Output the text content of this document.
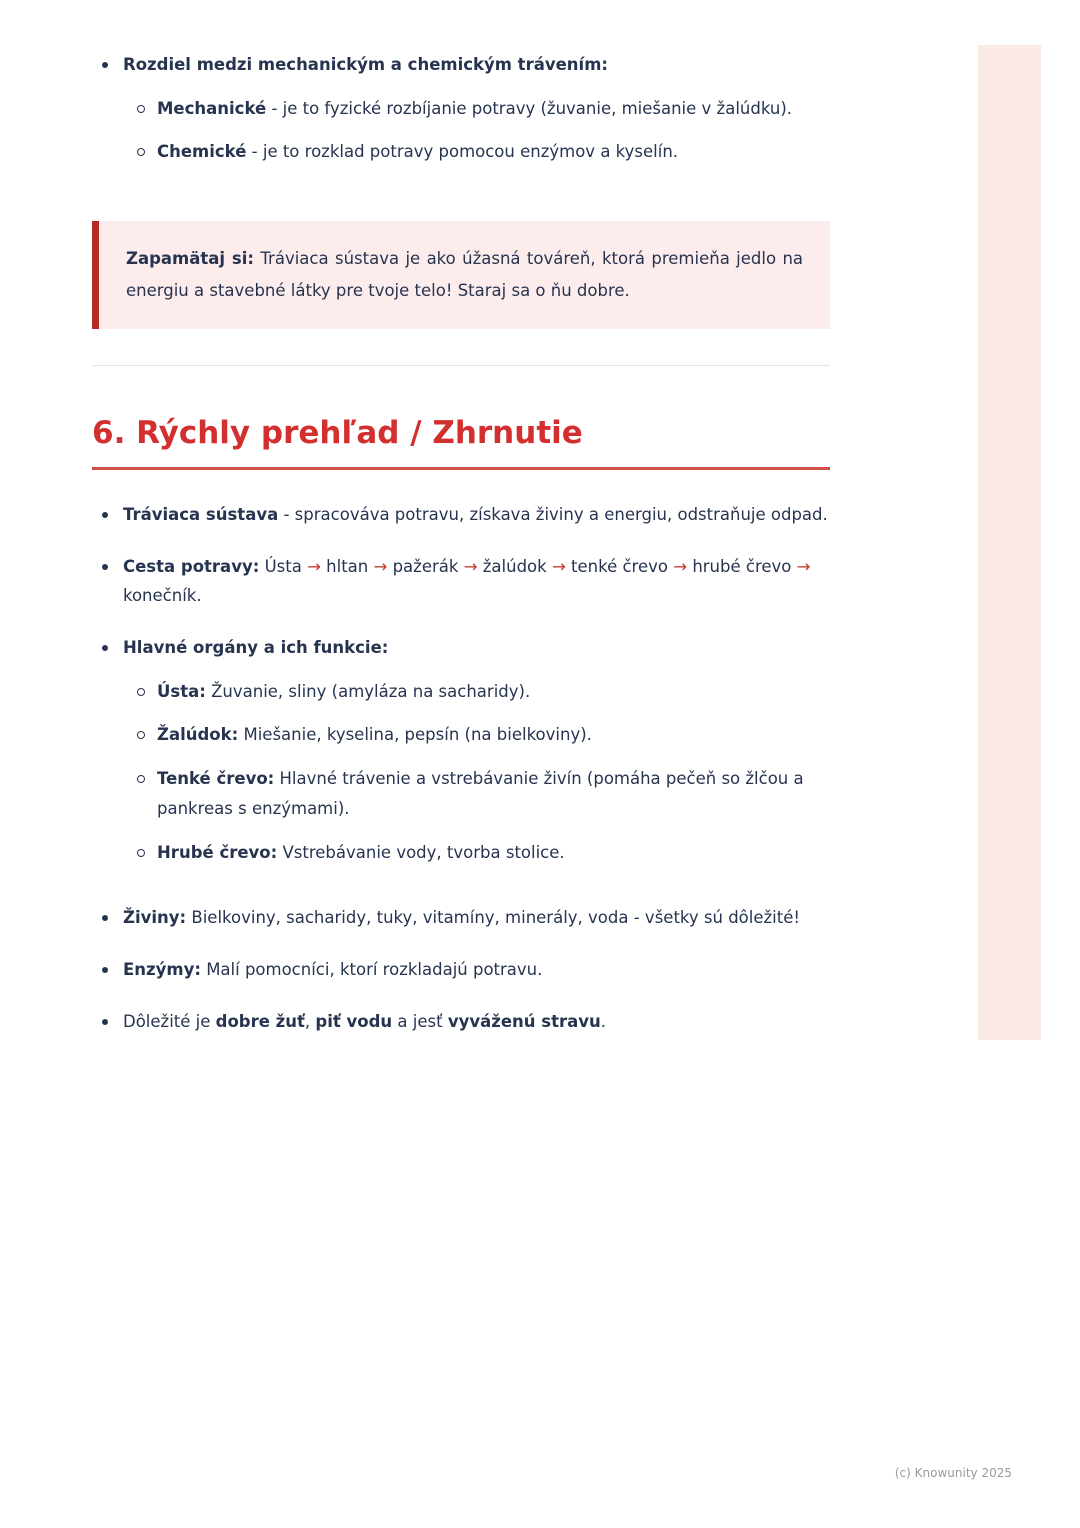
Rozdiel medzi mechanickým a chemickým trávením:
Mechanické - je to fyzické rozbíjanie potravy (žuvanie, miešanie v žalúdku).
Chemické - je to rozklad potravy pomocou enzýmov a kyselín.

Zapamätaj si: Tráviaca sústava je ako úžasná továreň, ktorá premieňa jedlo na energiu a stavebné látky pre tvoje telo! Staraj sa o ňu dobre.

6. Rýchly prehľad / Zhrnutie
Tráviaca sústava - spracováva potravu, získava živiny a energiu, odstraňuje odpad.
Cesta potravy: Ústa → hltan → pažerák → žalúdok → tenké črevo → hrubé črevo → konečník.
Hlavné orgány a ich funkcie:
Ústa: Žuvanie, sliny (amyláza na sacharidy).
Žalúdok: Miešanie, kyselina, pepsín (na bielkoviny).
Tenké črevo: Hlavné trávenie a vstrebávanie živín (pomáha pečeň so žlčou a pankreas s enzýmami).
Hrubé črevo: Vstrebávanie vody, tvorba stolice.
Živiny: Bielkoviny, sacharidy, tuky, vitamíny, minerály, voda - všetky sú dôležité!
Enzýmy: Malí pomocníci, ktorí rozkladajú potravu.
Dôležité je dobre žuť, piť vodu a jesť vyváženú stravu.
(c) Knowunity 2025
